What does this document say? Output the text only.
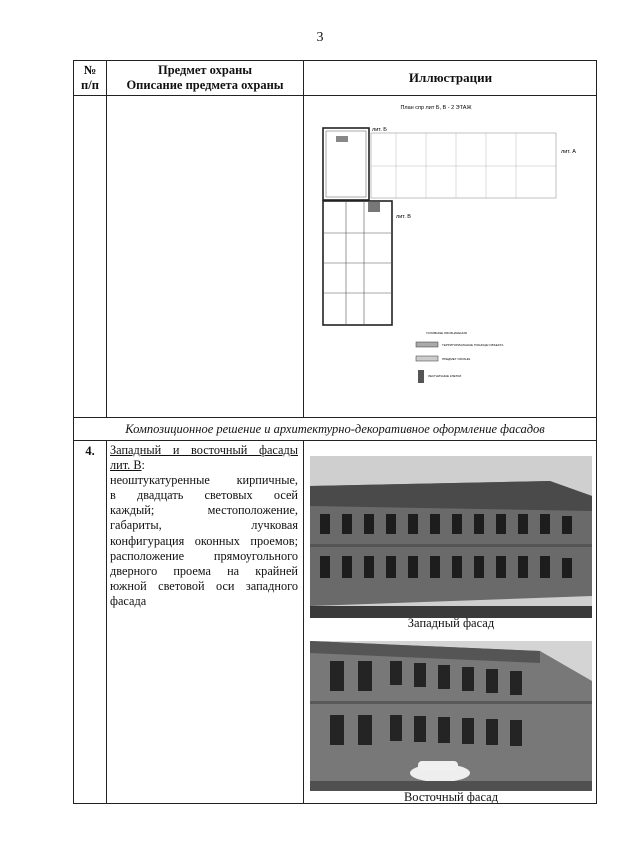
3
№
п/п
Предмет охраны
Описание предмета охраны	Иллюстрации
План спр лит Б, В - 2 ЭТАЖ
лит. Б
лит. В
лит. А
УСЛОВНЫЕ ОБОЗНАЧЕНИЯ
ТЕРРИТОРИАЛЬНЫЕ ГРАНИЦЫ ОБЪЕКТА
ПРЕДМЕТ ОХРАНЫ
ЛЕСТНИЧНЫЕ КЛЕТКИ
Композиционное решение и архитектурно-декоративное оформление фасадов
4.	Западный и восточный фасады
лит. В:
неоштукатуренные кирпичные,
в двадцать световых осей
каждый; местоположение,
габариты, лучковая
конфигурация оконных проемов;
расположение прямоугольного
дверного проема на крайней
южной световой оси западного
фасада
Западный фасад
Восточный фасад
